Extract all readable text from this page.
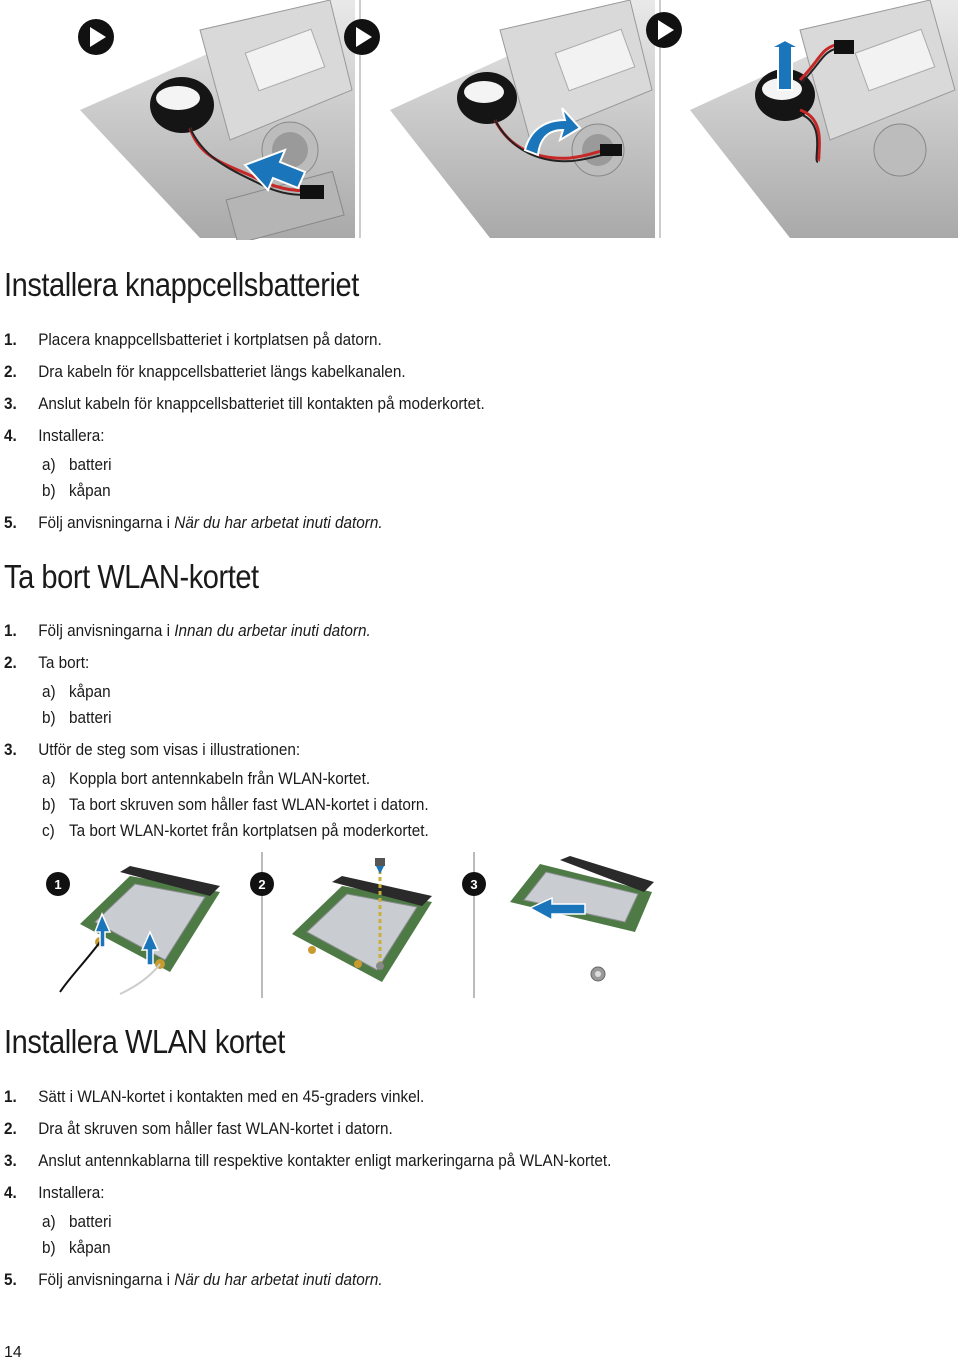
Installera knappcellsbatteriet
1. Placera knappcellsbatteriet i kortplatsen på datorn.
2. Dra kabeln för knappcellsbatteriet längs kabelkanalen.
3. Anslut kabeln för knappcellsbatteriet till kontakten på moderkortet.
4. Installera:
a) batteri
b) kåpan
5. Följ anvisningarna i När du har arbetat inuti datorn.
Ta bort WLAN-kortet
1. Följ anvisningarna i Innan du arbetar inuti datorn.
2. Ta bort:
a) kåpan
b) batteri
3. Utför de steg som visas i illustrationen:
a) Koppla bort antennkabeln från WLAN-kortet.
b) Ta bort skruven som håller fast WLAN-kortet i datorn.
c) Ta bort WLAN-kortet från kortplatsen på moderkortet.
1	2	3
Installera WLAN kortet
1. Sätt i WLAN-kortet i kontakten med en 45-graders vinkel.
2. Dra åt skruven som håller fast WLAN-kortet i datorn.
3. Anslut antennkablarna till respektive kontakter enligt markeringarna på WLAN-kortet.
4. Installera:
a) batteri
b) kåpan
5. Följ anvisningarna i När du har arbetat inuti datorn.
14
